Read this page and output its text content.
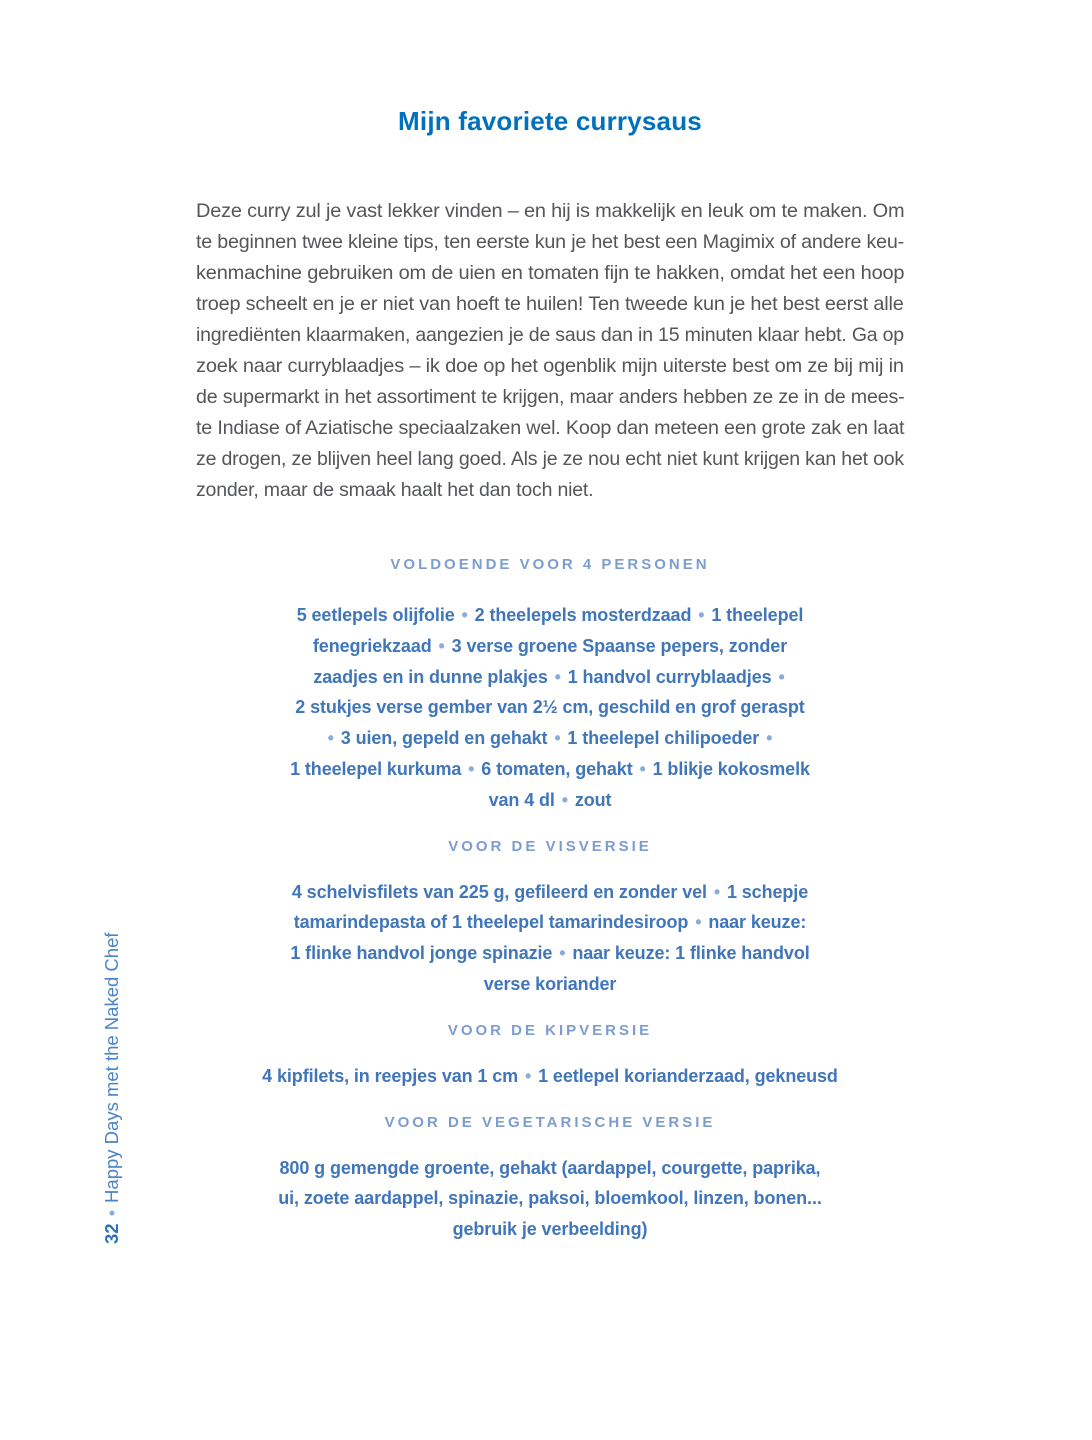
32•Happy Days met the Naked Chef
Mijn favoriete currysaus
Deze curry zul je vast lekker vinden – en hij is makkelijk en leuk om te maken. Om
te beginnen twee kleine tips, ten eerste kun je het best een Magimix of andere keu-
kenmachine gebruiken om de uien en tomaten fijn te hakken, omdat het een hoop
troep scheelt en je er niet van hoeft te huilen! Ten tweede kun je het best eerst alle
ingrediënten klaarmaken, aangezien je de saus dan in 15 minuten klaar hebt. Ga op
zoek naar curryblaadjes – ik doe op het ogenblik mijn uiterste best om ze bij mij in
de supermarkt in het assortiment te krijgen, maar anders hebben ze ze in de mees-
te Indiase of Aziatische speciaalzaken wel. Koop dan meteen een grote zak en laat
ze drogen, ze blijven heel lang goed. Als je ze nou echt niet kunt krijgen kan het ook
zonder, maar de smaak haalt het dan toch niet.
VOLDOENDE VOOR 4 PERSONEN
5 eetlepels olijfolie • 2 theelepels mosterdzaad • 1 theelepel
fenegriekzaad • 3 verse groene Spaanse pepers, zonder
zaadjes en in dunne plakjes • 1 handvol curryblaadjes •
2 stukjes verse gember van 2½ cm, geschild en grof geraspt
• 3 uien, gepeld en gehakt • 1 theelepel chilipoeder •
1 theelepel kurkuma • 6 tomaten, gehakt • 1 blikje kokosmelk
van 4 dl • zout
VOOR DE VISVERSIE
4 schelvisfilets van 225 g, gefileerd en zonder vel • 1 schepje
tamarindepasta of 1 theelepel tamarindesiroop • naar keuze:
1 flinke handvol jonge spinazie • naar keuze: 1 flinke handvol
verse koriander
VOOR DE KIPVERSIE
4 kipfilets, in reepjes van 1 cm • 1 eetlepel korianderzaad, gekneusd
VOOR DE VEGETARISCHE VERSIE
800 g gemengde groente, gehakt (aardappel, courgette, paprika,
ui, zoete aardappel, spinazie, paksoi, bloemkool, linzen, bonen...
gebruik je verbeelding)
